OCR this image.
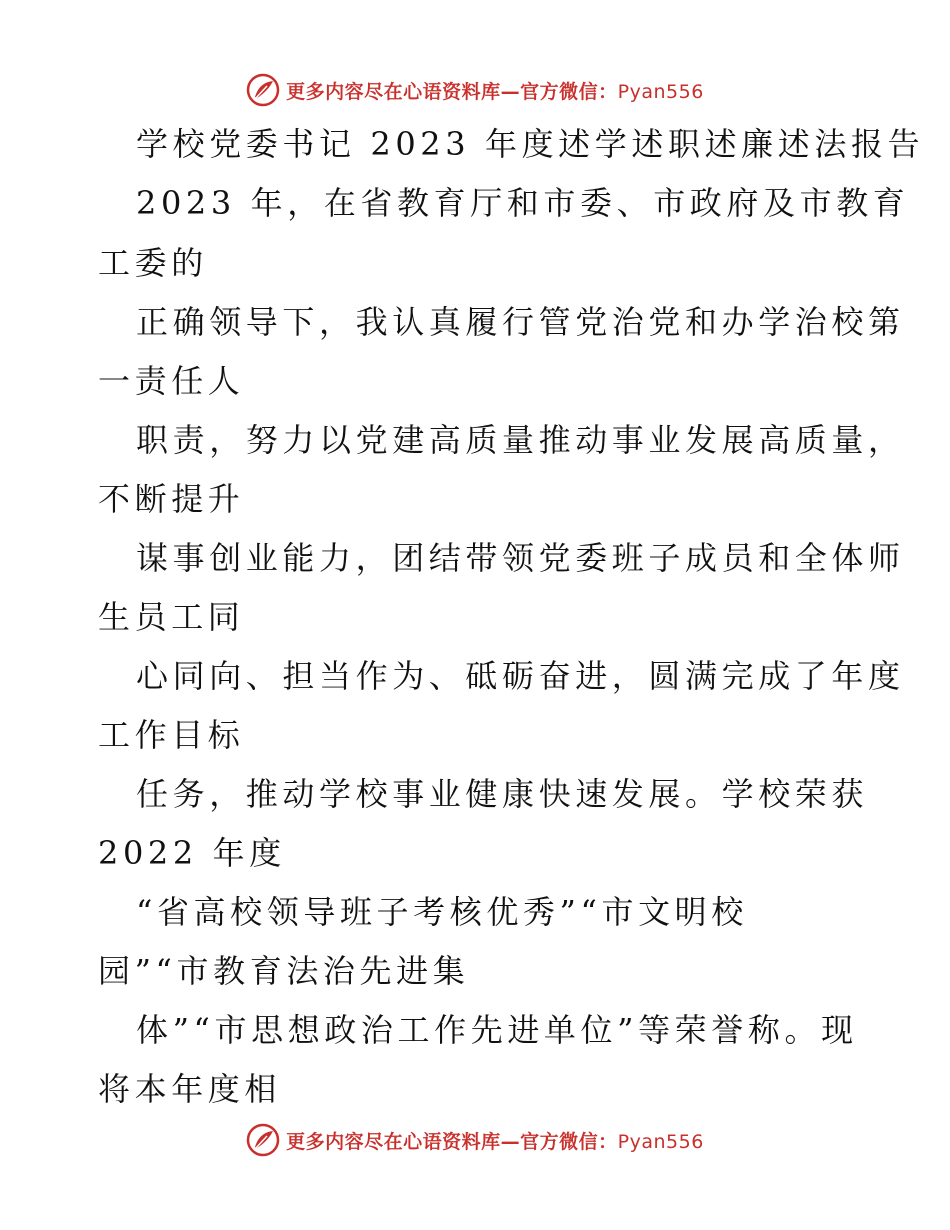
更多内容尽在心语资料库—官方微信：Pyan556
学校党委书记 2023 年度述学述职述廉述法报告
2023 年，在省教育厅和市委、市政府及市教育
工委的
正确领导下，我认真履行管党治党和办学治校第
一责任人
职责，努力以党建高质量推动事业发展高质量，
不断提升
谋事创业能力，团结带领党委班子成员和全体师
生员工同
心同向、担当作为、砥砺奋进，圆满完成了年度
工作目标
任务，推动学校事业健康快速发展。学校荣获
2022 年度
“省高校领导班子考核优秀”“市文明校
园”“市教育法治先进集
体”“市思想政治工作先进单位”等荣誉称。现
将本年度相
更多内容尽在心语资料库—官方微信：Pyan556
